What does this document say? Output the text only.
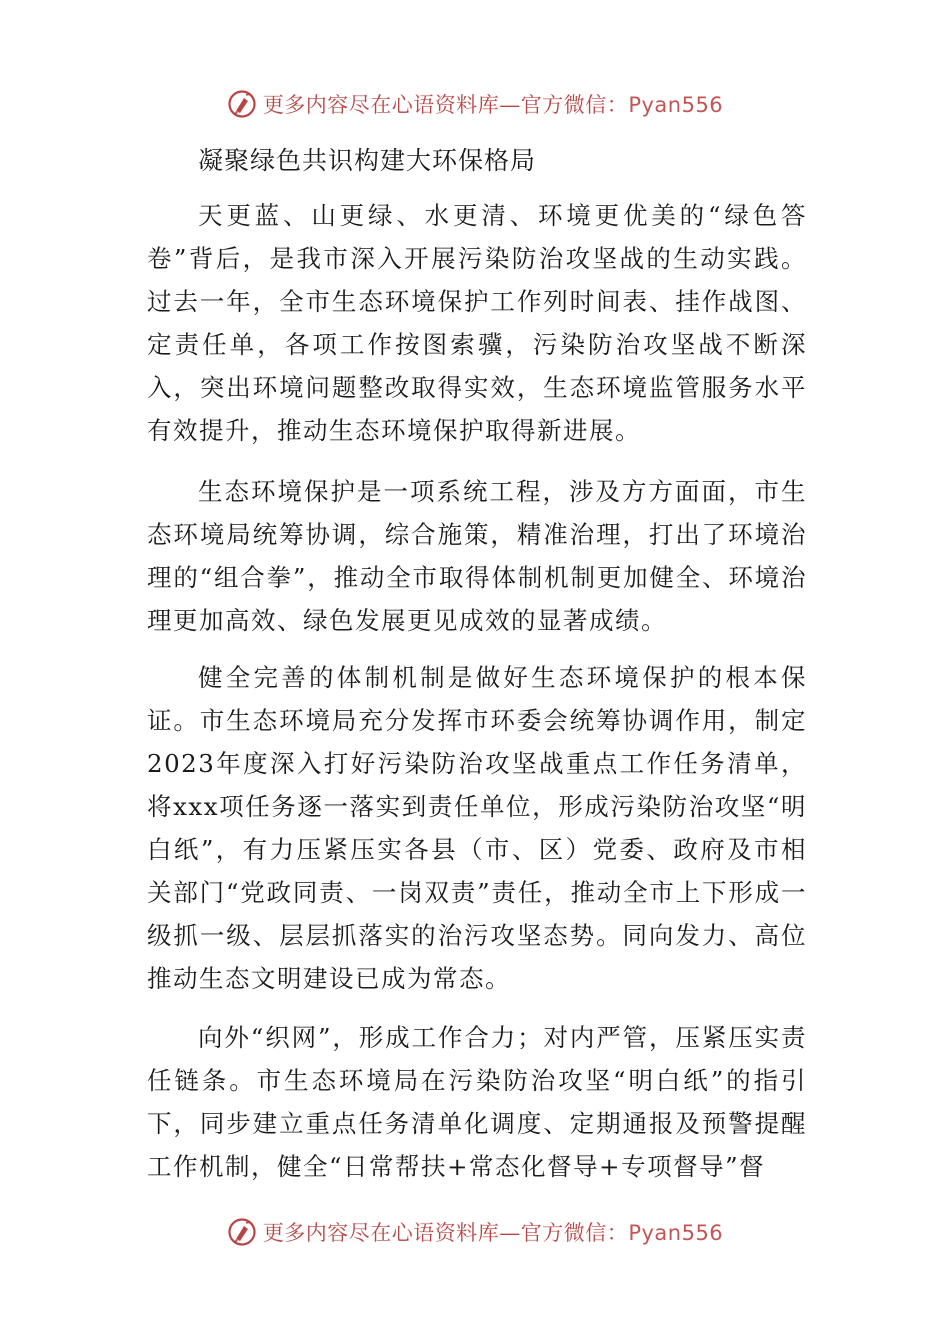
更多内容尽在心语资料库—官方微信：Pyan556
凝聚绿色共识构建大环保格局

天更蓝、山更绿、水更清、环境更优美的“绿色答卷”背后，是我市深入开展污染防治攻坚战的生动实践。过去一年，全市生态环境保护工作列时间表、挂作战图、定责任单，各项工作按图索骥，污染防治攻坚战不断深入，突出环境问题整改取得实效，生态环境监管服务水平有效提升，推动生态环境保护取得新进展。

生态环境保护是一项系统工程，涉及方方面面，市生态环境局统筹协调，综合施策，精准治理，打出了环境治理的“组合拳”，推动全市取得体制机制更加健全、环境治理更加高效、绿色发展更见成效的显著成绩。

健全完善的体制机制是做好生态环境保护的根本保证。市生态环境局充分发挥市环委会统筹协调作用，制定2023年度深入打好污染防治攻坚战重点工作任务清单，将xxx项任务逐一落实到责任单位，形成污染防治攻坚“明白纸”，有力压紧压实各县（市、区）党委、政府及市相关部门“党政同责、一岗双责”责任，推动全市上下形成一级抓一级、层层抓落实的治污攻坚态势。同向发力、高位推动生态文明建设已成为常态。

向外“织网”，形成工作合力；对内严管，压紧压实责任链条。市生态环境局在污染防治攻坚“明白纸”的指引下，同步建立重点任务清单化调度、定期通报及预警提醒工作机制，健全“日常帮扶+常态化督导+专项督导”督

更多内容尽在心语资料库—官方微信：Pyan556
